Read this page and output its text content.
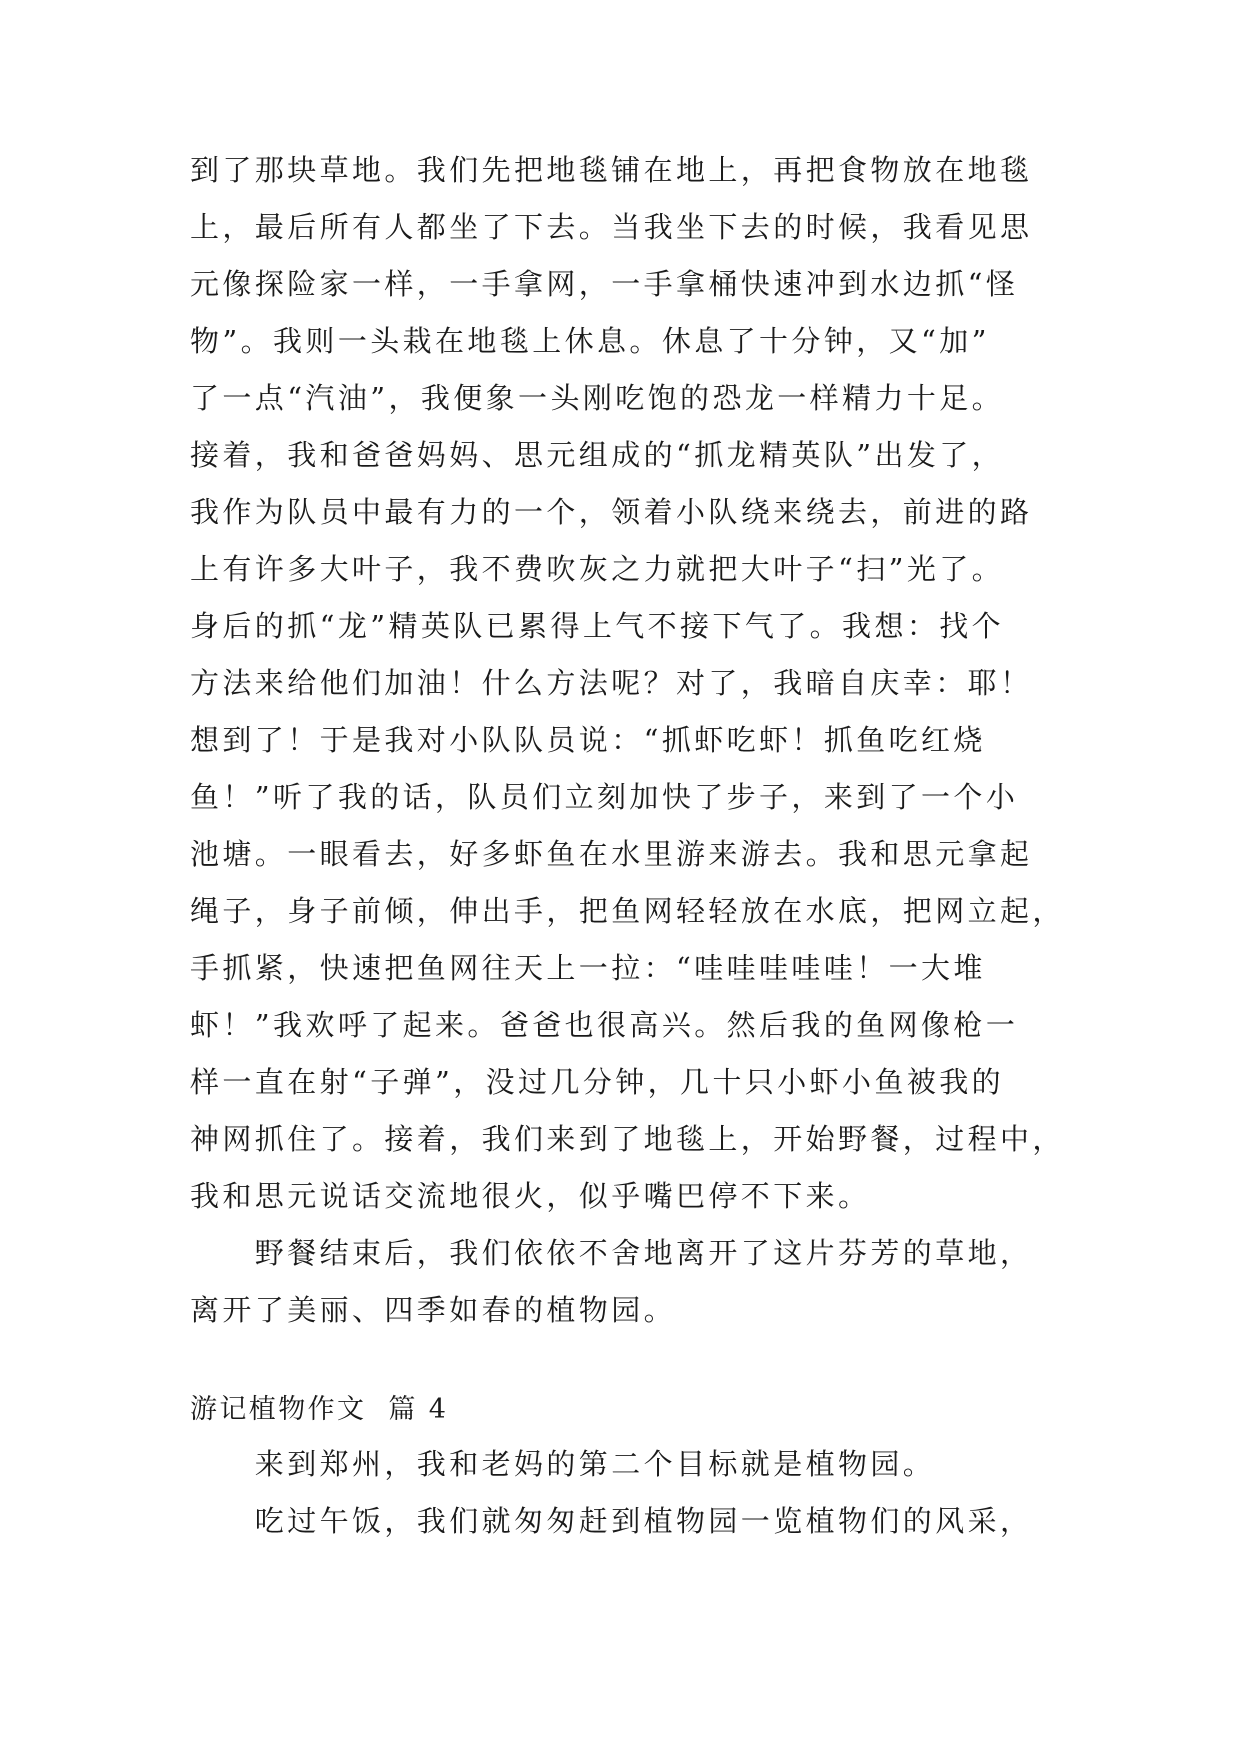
到了那块草地。我们先把地毯铺在地上，再把食物放在地毯
上，最后所有人都坐了下去。当我坐下去的时候，我看见思
元像探险家一样，一手拿网，一手拿桶快速冲到水边抓“怪
物”。我则一头栽在地毯上休息。休息了十分钟，又“加”
了一点“汽油”，我便象一头刚吃饱的恐龙一样精力十足。
接着，我和爸爸妈妈、思元组成的“抓龙精英队”出发了，
我作为队员中最有力的一个，领着小队绕来绕去，前进的路
上有许多大叶子，我不费吹灰之力就把大叶子“扫”光了。
身后的抓“龙”精英队已累得上气不接下气了。我想：找个
方法来给他们加油！什么方法呢？对了，我暗自庆幸：耶！
想到了！于是我对小队队员说：“抓虾吃虾！抓鱼吃红烧
鱼！”听了我的话，队员们立刻加快了步子，来到了一个小
池塘。一眼看去，好多虾鱼在水里游来游去。我和思元拿起
绳子，身子前倾，伸出手，把鱼网轻轻放在水底，把网立起，
手抓紧，快速把鱼网往天上一拉：“哇哇哇哇哇！一大堆
虾！”我欢呼了起来。爸爸也很高兴。然后我的鱼网像枪一
样一直在射“子弹”，没过几分钟，几十只小虾小鱼被我的
神网抓住了。接着，我们来到了地毯上，开始野餐，过程中，
我和思元说话交流地很火，似乎嘴巴停不下来。
　　野餐结束后，我们依依不舍地离开了这片芬芳的草地，
离开了美丽、四季如春的植物园。
游记植物作文  篇 4
　　来到郑州，我和老妈的第二个目标就是植物园。
　　吃过午饭，我们就匆匆赶到植物园一览植物们的风采，
